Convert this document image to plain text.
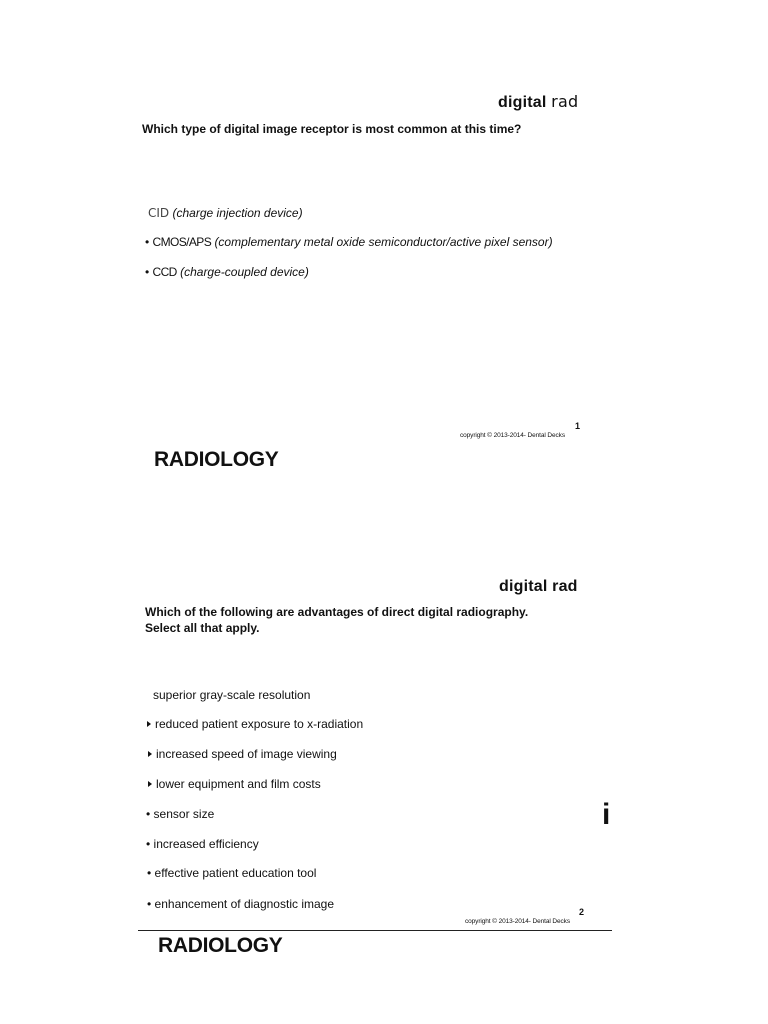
digital rad
Which type of digital image receptor is most common at this time?
CID (charge injection device)
• CMOS/APS (complementary metal oxide semiconductor/active pixel sensor)
• CCD (charge-coupled device)
1
copyright © 2013-2014- Dental Decks
RADIOLOGY
digital rad
Which of the following are advantages of direct digital radiography.
Select all that apply.
superior gray-scale resolution
reduced patient exposure to x-radiation
increased speed of image viewing
lower equipment and film costs
• sensor size
• increased efficiency
• effective patient education tool
• enhancement of diagnostic image
i
2
copyright © 2013-2014- Dental Decks
RADIOLOGY
